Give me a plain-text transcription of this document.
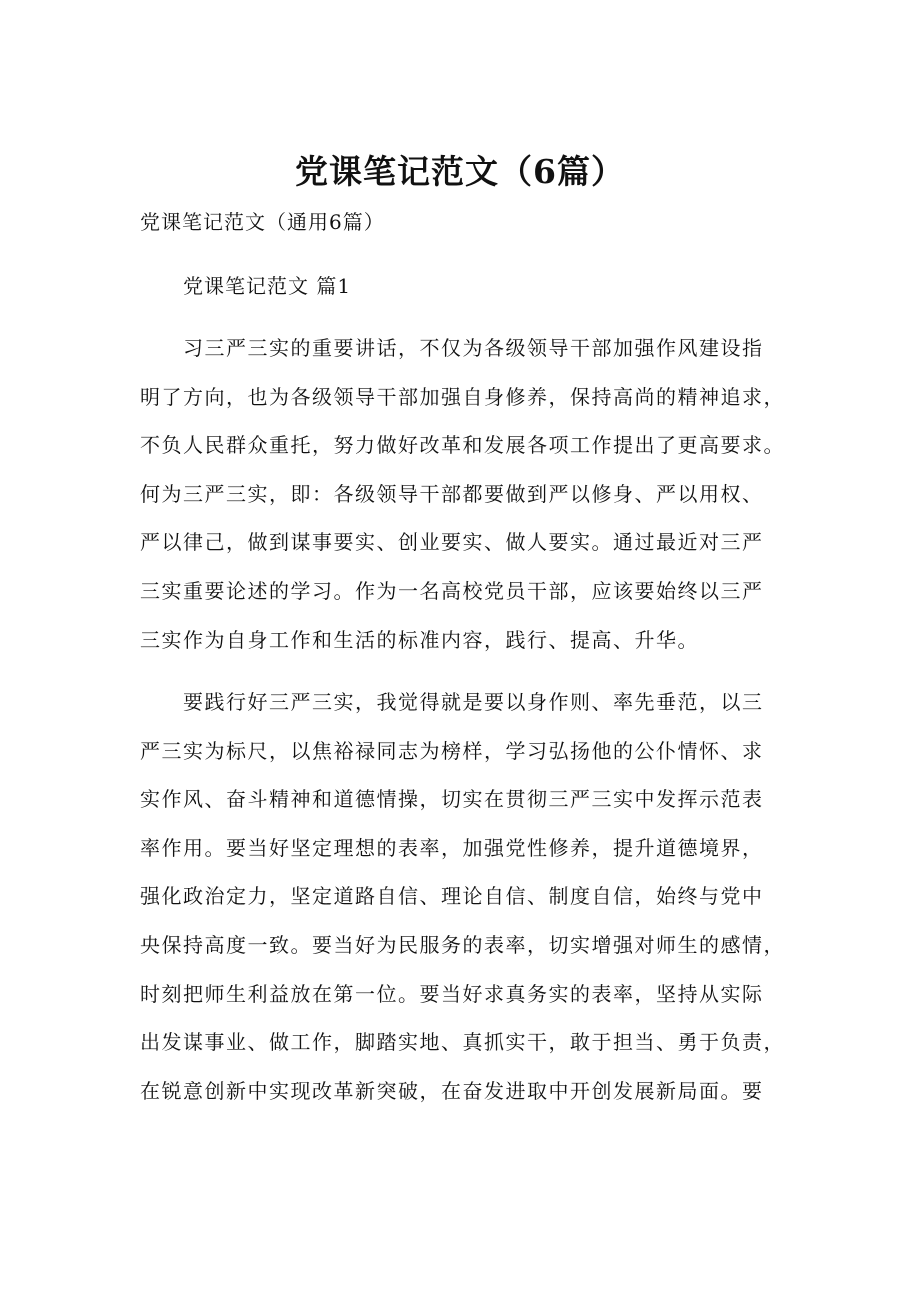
党课笔记范文（6篇）
党课笔记范文（通用6篇）
党课笔记范文 篇1
习三严三实的重要讲话，不仅为各级领导干部加强作风建设指
明了方向，也为各级领导干部加强自身修养，保持高尚的精神追求，
不负人民群众重托，努力做好改革和发展各项工作提出了更高要求。
何为三严三实，即：各级领导干部都要做到严以修身、严以用权、
严以律己，做到谋事要实、创业要实、做人要实。通过最近对三严
三实重要论述的学习。作为一名高校党员干部，应该要始终以三严
三实作为自身工作和生活的标准内容，践行、提高、升华。
要践行好三严三实，我觉得就是要以身作则、率先垂范，以三
严三实为标尺，以焦裕禄同志为榜样，学习弘扬他的公仆情怀、求
实作风、奋斗精神和道德情操，切实在贯彻三严三实中发挥示范表
率作用。要当好坚定理想的表率，加强党性修养，提升道德境界，
强化政治定力，坚定道路自信、理论自信、制度自信，始终与党中
央保持高度一致。要当好为民服务的表率，切实增强对师生的感情，
时刻把师生利益放在第一位。要当好求真务实的表率，坚持从实际
出发谋事业、做工作，脚踏实地、真抓实干，敢于担当、勇于负责，
在锐意创新中实现改革新突破，在奋发进取中开创发展新局面。要
